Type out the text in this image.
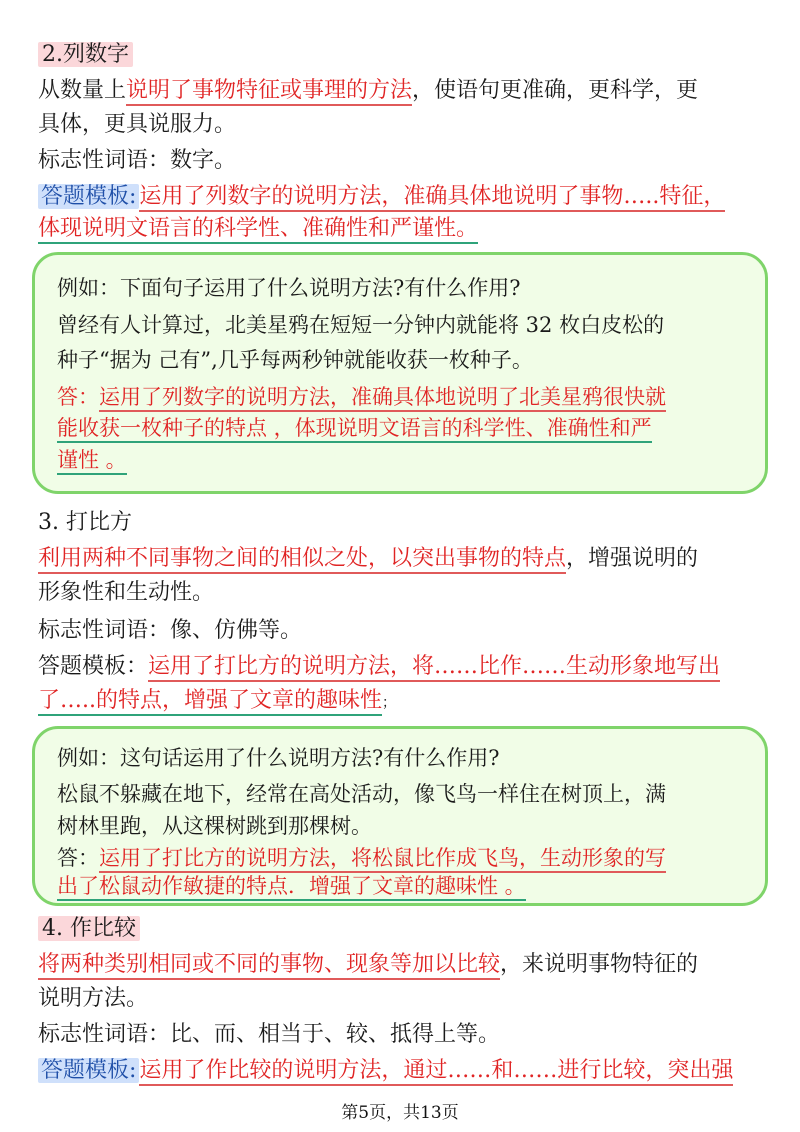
2.列数字
从数量上说明了事物特征或事理的方法，使语句更准确，更科学，更
具体，更具说服力。
标志性词语：数字。
答题模板: 运用了列数字的说明方法，准确具体地说明了事物…..特征，
体现说明文语言的科学性、准确性和严谨性。
例如：下面句子运用了什么说明方法?有什么作用?
曾经有人计算过，北美星鸦在短短一分钟内就能将 32 枚白皮松的
种子“据为 己有”,几乎每两秒钟就能收获一枚种子。
答：运用了列数字的说明方法，准确具体地说明了北美星鸦很快就
能收获一枚种子的特点 ，体现说明文语言的科学性、准确性和严
谨性 。
3. 打比方
利用两种不同事物之间的相似之处，以突出事物的特点，增强说明的
形象性和生动性。
标志性词语：像、仿佛等。
答题模板：运用了打比方的说明方法，将……比作……生动形象地写出
了…..的特点，增强了文章的趣味性；
例如：这句话运用了什么说明方法?有什么作用?
松鼠不躲藏在地下，经常在高处活动，像飞鸟一样住在树顶上，满
树林里跑，从这棵树跳到那棵树。
答：运用了打比方的说明方法，将松鼠比作成飞鸟，生动形象的写
出了松鼠动作敏捷的特点．增强了文章的趣味性 。
4. 作比较
将两种类别相同或不同的事物、现象等加以比较，来说明事物特征的
说明方法。
标志性词语：比、而、相当于、较、抵得上等。
答题模板: 运用了作比较的说明方法，通过……和……进行比较，突出强
第5页，共13页
